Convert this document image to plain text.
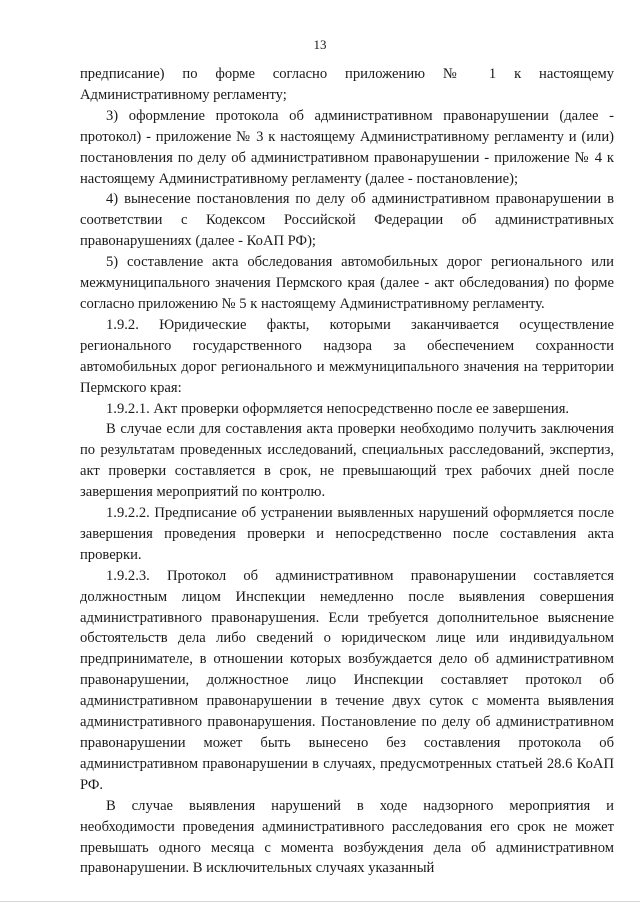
13

предписание) по форме согласно приложению № 1 к настоящему Административному регламенту;

3) оформление протокола об административном правонарушении (далее - протокол) - приложение № 3 к настоящему Административному регламенту и (или) постановления по делу об административном правонарушении - приложение № 4 к настоящему Административному регламенту (далее - постановление);

4) вынесение постановления по делу об административном правонарушении в соответствии с Кодексом Российской Федерации об административных правонарушениях (далее - КоАП РФ);

5) составление акта обследования автомобильных дорог регионального или межмуниципального значения Пермского края (далее - акт обследования) по форме согласно приложению № 5 к настоящему Административному регламенту.

1.9.2. Юридические факты, которыми заканчивается осуществление регионального государственного надзора за обеспечением сохранности автомобильных дорог регионального и межмуниципального значения на территории Пермского края:

1.9.2.1. Акт проверки оформляется непосредственно после ее завершения.

В случае если для составления акта проверки необходимо получить заключения по результатам проведенных исследований, специальных расследований, экспертиз, акт проверки составляется в срок, не превышающий трех рабочих дней после завершения мероприятий по контролю.

1.9.2.2. Предписание об устранении выявленных нарушений оформляется после завершения проведения проверки и непосредственно после составления акта проверки.

1.9.2.3. Протокол об административном правонарушении составляется должностным лицом Инспекции немедленно после выявления совершения административного правонарушения. Если требуется дополнительное выяснение обстоятельств дела либо сведений о юридическом лице или индивидуальном предпринимателе, в отношении которых возбуждается дело об административном правонарушении, должностное лицо Инспекции составляет протокол об административном правонарушении в течение двух суток с момента выявления административного правонарушения. Постановление по делу об административном правонарушении может быть вынесено без составления протокола об административном правонарушении в случаях, предусмотренных статьей 28.6 КоАП РФ.

В случае выявления нарушений в ходе надзорного мероприятия и необходимости проведения административного расследования его срок не может превышать одного месяца с момента возбуждения дела об административном правонарушении. В исключительных случаях указанный
